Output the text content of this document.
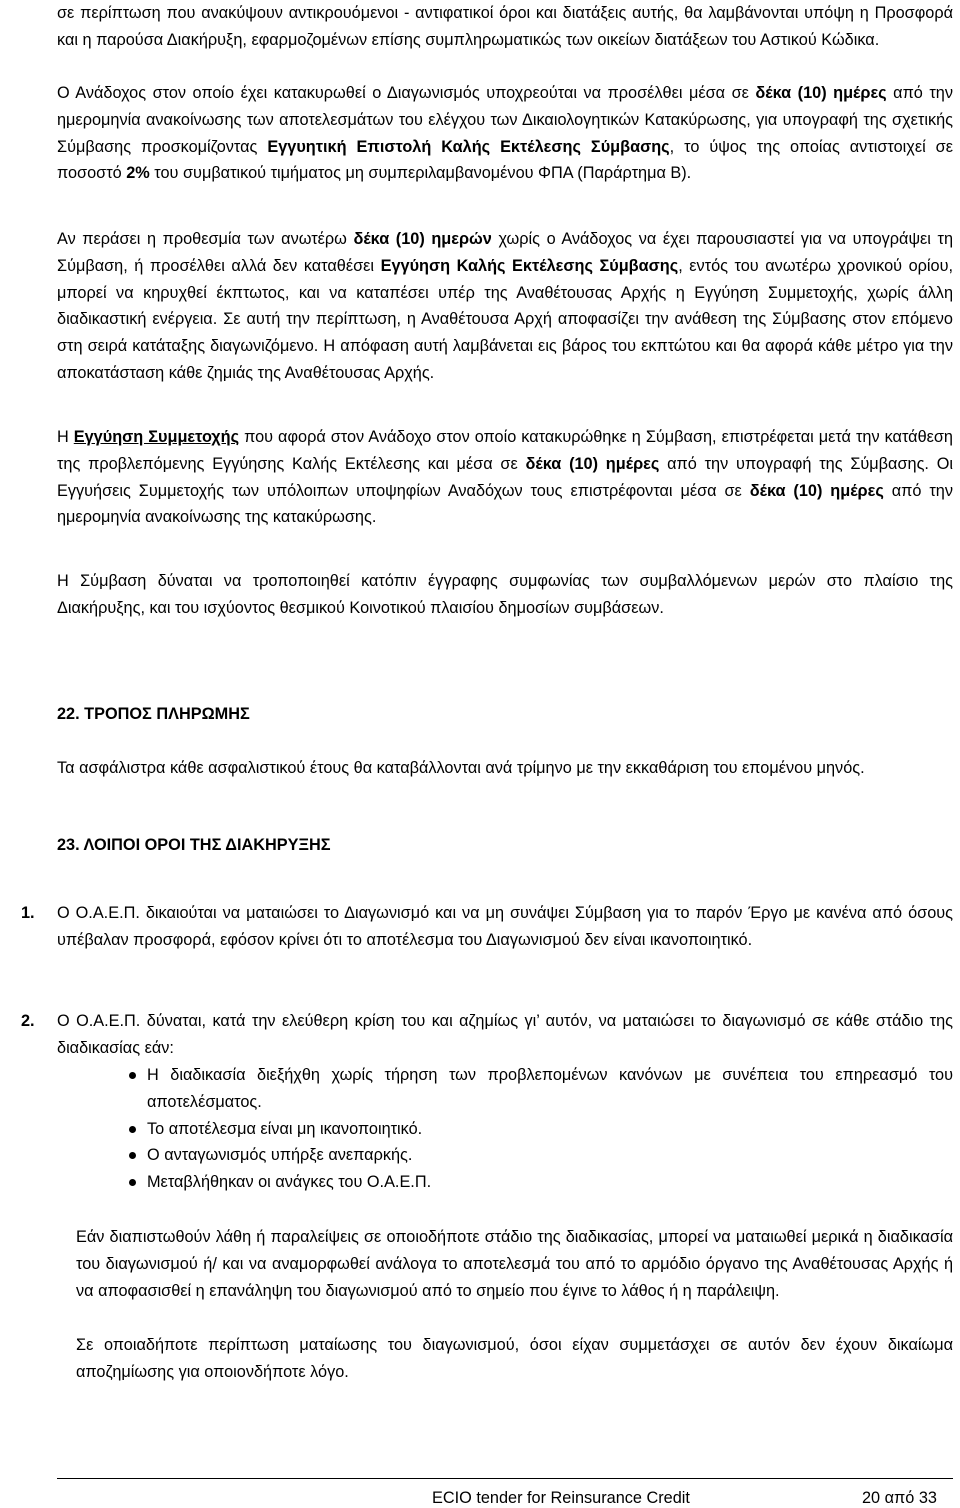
σε περίπτωση που ανακύψουν αντικρουόμενοι - αντιφατικοί όροι και διατάξεις αυτής, θα λαμβάνονται υπόψη η Προσφορά και η παρούσα Διακήρυξη, εφαρμοζομένων επίσης συμπληρωματικώς των οικείων διατάξεων του Αστικού Κώδικα.

Ο Ανάδοχος στον οποίο έχει κατακυρωθεί ο Διαγωνισμός υποχρεούται να προσέλθει μέσα σε δέκα (10) ημέρες από την ημερομηνία ανακοίνωσης των αποτελεσμάτων του ελέγχου των Δικαιολογητικών Κατακύρωσης, για υπογραφή της σχετικής Σύμβασης προσκομίζοντας Εγγυητική Επιστολή Καλής Εκτέλεσης Σύμβασης, το ύψος της οποίας αντιστοιχεί σε ποσοστό 2% του συμβατικού τιμήματος μη συμπεριλαμβανομένου ΦΠΑ (Παράρτημα Β).

Αν περάσει η προθεσμία των ανωτέρω δέκα (10) ημερών χωρίς ο Ανάδοχος να έχει παρουσιαστεί για να υπογράψει τη Σύμβαση, ή προσέλθει αλλά δεν καταθέσει Εγγύηση Καλής Εκτέλεσης Σύμβασης, εντός του ανωτέρω χρονικού ορίου, μπορεί να κηρυχθεί έκπτωτος, και να καταπέσει υπέρ της Αναθέτουσας Αρχής η Εγγύηση Συμμετοχής, χωρίς άλλη διαδικαστική ενέργεια. Σε αυτή την περίπτωση, η Αναθέτουσα Αρχή αποφασίζει την ανάθεση της Σύμβασης στον επόμενο στη σειρά κατάταξης διαγωνιζόμενο. Η απόφαση αυτή λαμβάνεται εις βάρος του εκπτώτου και θα αφορά κάθε μέτρο για την αποκατάσταση κάθε ζημιάς της Αναθέτουσας Αρχής.

Η Εγγύηση Συμμετοχής που αφορά στον Ανάδοχο στον οποίο κατακυρώθηκε η Σύμβαση, επιστρέφεται μετά την κατάθεση της προβλεπόμενης Εγγύησης Καλής Εκτέλεσης και μέσα σε δέκα (10) ημέρες από την υπογραφή της Σύμβασης. Οι Εγγυήσεις Συμμετοχής των υπόλοιπων υποψηφίων Αναδόχων τους επιστρέφονται μέσα σε δέκα (10) ημέρες από την ημερομηνία ανακοίνωσης της κατακύρωσης.

Η Σύμβαση δύναται να τροποποιηθεί κατόπιν έγγραφης συμφωνίας των συμβαλλόμενων μερών στο πλαίσιο της Διακήρυξης, και του ισχύοντος θεσμικού Κοινοτικού πλαισίου δημοσίων συμβάσεων.

22. ΤΡΟΠΟΣ ΠΛΗΡΩΜΗΣ

Τα ασφάλιστρα κάθε ασφαλιστικού έτους θα καταβάλλονται ανά τρίμηνο με την εκκαθάριση του επομένου μηνός.

23. ΛΟΙΠΟΙ ΟΡΟΙ ΤΗΣ ΔΙΑΚΗΡΥΞΗΣ
1. Ο Ο.Α.Ε.Π. δικαιούται να ματαιώσει το Διαγωνισμό και να μη συνάψει Σύμβαση για το παρόν Έργο με κανένα από όσους υπέβαλαν προσφορά, εφόσον κρίνει ότι το αποτέλεσμα του Διαγωνισμού δεν είναι ικανοποιητικό.

2. Ο Ο.Α.Ε.Π. δύναται, κατά την ελεύθερη κρίση του και αζημίως γι’ αυτόν, να ματαιώσει το διαγωνισμό σε κάθε στάδιο της διαδικασίας εάν:

Η διαδικασία διεξήχθη χωρίς τήρηση των προβλεπομένων κανόνων με συνέπεια του επηρεασμό του αποτελέσματος.
Το αποτέλεσμα είναι μη ικανοποιητικό.
Ο ανταγωνισμός υπήρξε ανεπαρκής.
Μεταβλήθηκαν οι ανάγκες του Ο.Α.Ε.Π.

Εάν διαπιστωθούν λάθη ή παραλείψεις σε οποιοδήποτε στάδιο της διαδικασίας, μπορεί να ματαιωθεί μερικά η διαδικασία του διαγωνισμού ή/ και να αναμορφωθεί ανάλογα το αποτελεσμά του από το αρμόδιο όργανο της Αναθέτουσας Αρχής ή να αποφασισθεί η επανάληψη του διαγωνισμού από το σημείο που έγινε το λάθος ή η παράλειψη.

Σε οποιαδήποτε περίπτωση ματαίωσης του διαγωνισμού, όσοι είχαν συμμετάσχει σε αυτόν δεν έχουν δικαίωμα αποζημίωσης για οποιονδήποτε λόγο.

ECIO tender for Reinsurance Credit	20 από 33
